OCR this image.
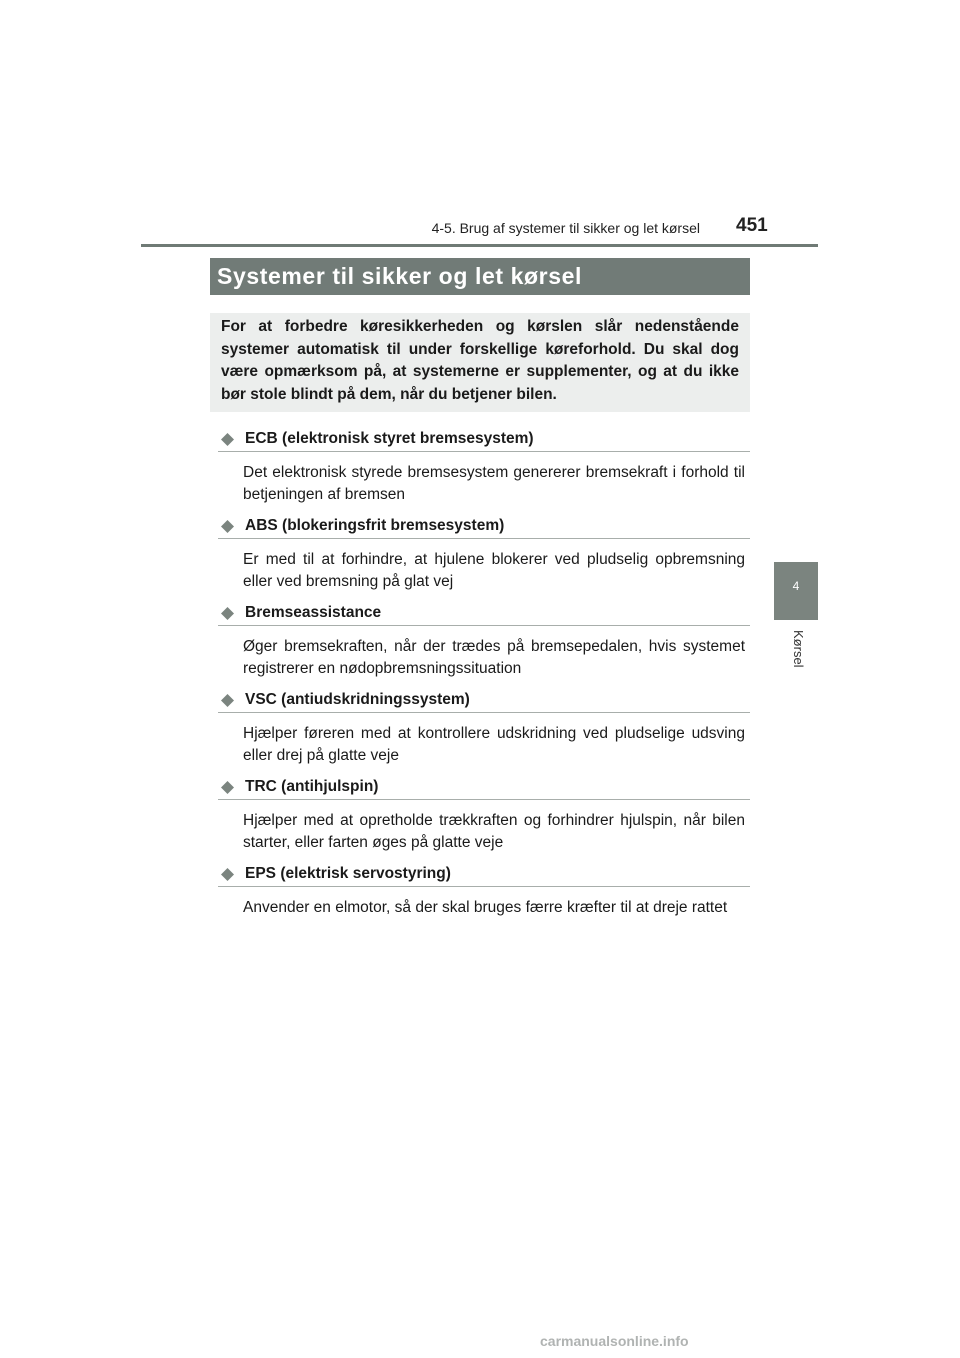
4-5. Brug af systemer til sikker og let kørsel 451
4
Kørsel
Systemer til sikker og let kørsel
For at forbedre køresikkerheden og kørslen slår nedenstående systemer automatisk til under forskellige køreforhold. Du skal dog være opmærksom på, at systemerne er supplementer, og at du ikke bør stole blindt på dem, når du betjener bilen.
ECB (elektronisk styret bremsesystem)
Det elektronisk styrede bremsesystem genererer bremsekraft i forhold til betjeningen af bremsen
ABS (blokeringsfrit bremsesystem)
Er med til at forhindre, at hjulene blokerer ved pludselig opbremsning eller ved bremsning på glat vej
Bremseassistance
Øger bremsekraften, når der trædes på bremsepedalen, hvis systemet registrerer en nødopbremsningssituation
VSC (antiudskridningssystem)
Hjælper føreren med at kontrollere udskridning ved pludselige udsving eller drej på glatte veje
TRC (antihjulspin)
Hjælper med at opretholde trækkraften og forhindrer hjulspin, når bilen starter, eller farten øges på glatte veje
EPS (elektrisk servostyring)
Anvender en elmotor, så der skal bruges færre kræfter til at dreje rattet
carmanualsonline.info
